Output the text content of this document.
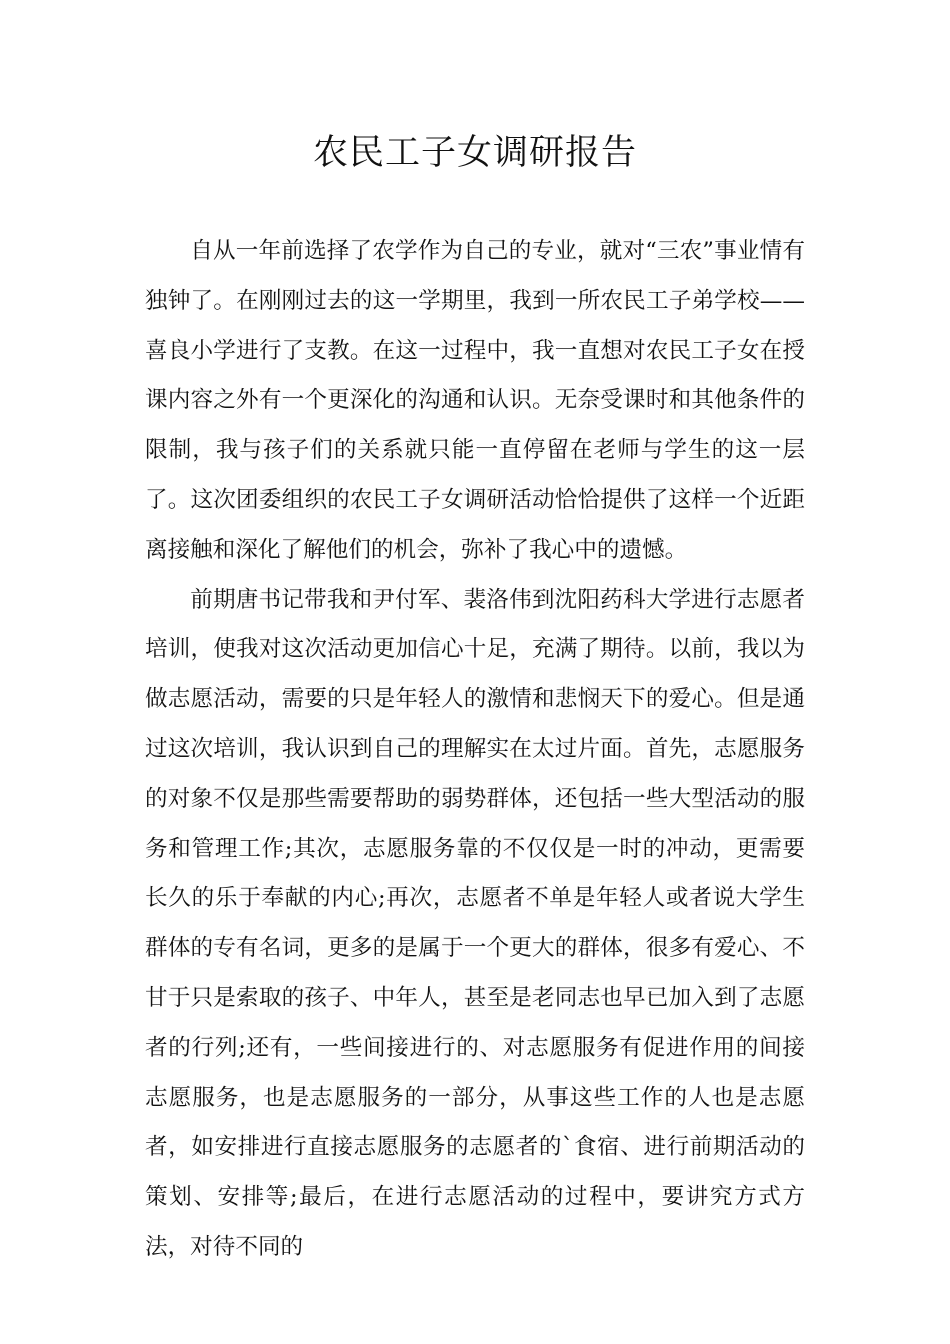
农民工子女调研报告

自从一年前选择了农学作为自己的专业，就对“三农”事业情有独钟了。在刚刚过去的这一学期里，我到一所农民工子弟学校——喜良小学进行了支教。在这一过程中，我一直想对农民工子女在授课内容之外有一个更深化的沟通和认识。无奈受课时和其他条件的限制，我与孩子们的关系就只能一直停留在老师与学生的这一层了。这次团委组织的农民工子女调研活动恰恰提供了这样一个近距离接触和深化了解他们的机会，弥补了我心中的遗憾。

前期唐书记带我和尹付军、裴洛伟到沈阳药科大学进行志愿者培训，使我对这次活动更加信心十足，充满了期待。以前，我以为做志愿活动，需要的只是年轻人的激情和悲悯天下的爱心。但是通过这次培训，我认识到自己的理解实在太过片面。首先，志愿服务的对象不仅是那些需要帮助的弱势群体，还包括一些大型活动的服务和管理工作;其次，志愿服务靠的不仅仅是一时的冲动，更需要长久的乐于奉献的内心;再次，志愿者不单是年轻人或者说大学生群体的专有名词，更多的是属于一个更大的群体，很多有爱心、不甘于只是索取的孩子、中年人，甚至是老同志也早已加入到了志愿者的行列;还有，一些间接进行的、对志愿服务有促进作用的间接志愿服务，也是志愿服务的一部分，从事这些工作的人也是志愿者，如安排进行直接志愿服务的志愿者的`食宿、进行前期活动的策划、安排等;最后，在进行志愿活动的过程中，要讲究方式方法，对待不同的
